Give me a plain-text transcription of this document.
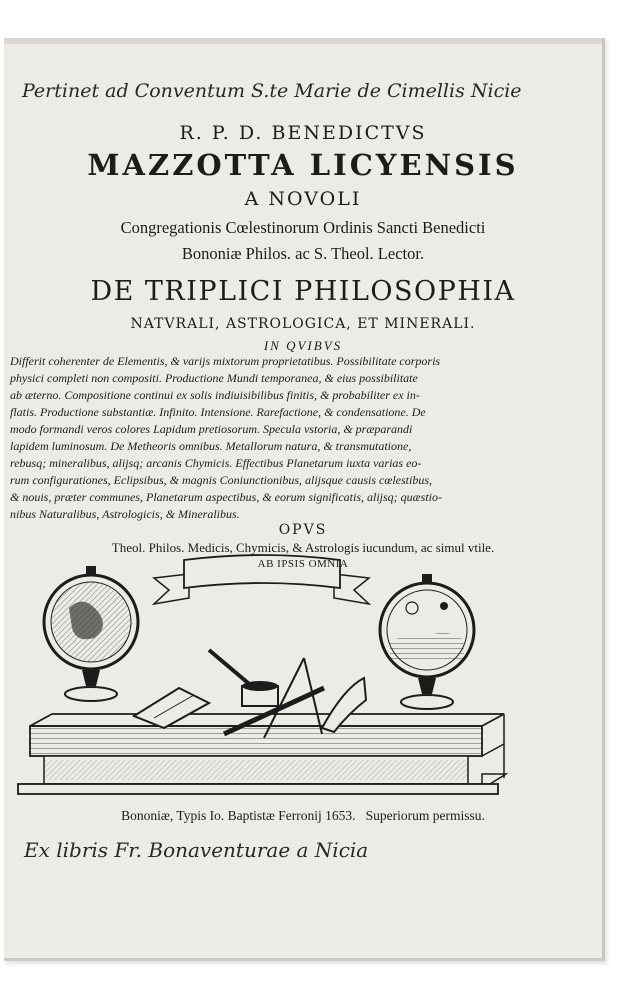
Pertinet ad Conventum S.te Marie de Cimellis Nicie
R. P. D. BENEDICTVS
MAZZOTTA LICYENSIS
A NOVOLI
Congregationis Cœlestinorum Ordinis Sancti Benedicti
Bononiæ Philos. ac S. Theol. Lector.
DE TRIPLICI PHILOSOPHIA
NATVRALI, ASTROLOGICA, ET MINERALI.
IN QVIBVS
Differit coherenter de Elementis, & varijs mixtorum proprietatibus. Possibilitate corporis
physici completi non compositi. Productione Mundi temporanea, & eius possibilitate
ab æterno. Compositione continui ex solis indiuisibilibus finitis, & probabiliter ex in-
flatis. Productione substantiæ. Infinito. Intensione. Rarefactione, & condensatione. De
modo formandi veros colores Lapidum pretiosorum. Specula vstoria, & præparandi
lapidem luminosum. De Metheoris omnibus. Metallorum natura, & transmutatione,
rebusq; mineralibus, alijsq; arcanis Chymicis. Effectibus Planetarum iuxta varias eo-
rum configurationes, Eclipsibus, & magnis Coniunctionibus, alijsque causis cœlestibus,
& nouis, præter communes, Planetarum aspectibus, & eorum significatis, alijsq; quæstio-
nibus Naturalibus, Astrologicis, & Mineralibus.
OPVS
Theol. Philos. Medicis, Chymicis, & Astrologis iucundum, ac simul vtile.
AB IPSIS OMNIA
Bononiæ, Typis Io. Baptistæ Ferronij 1653.   Superiorum permissu.
Ex libris Fr. Bonaventurae a Nicia
